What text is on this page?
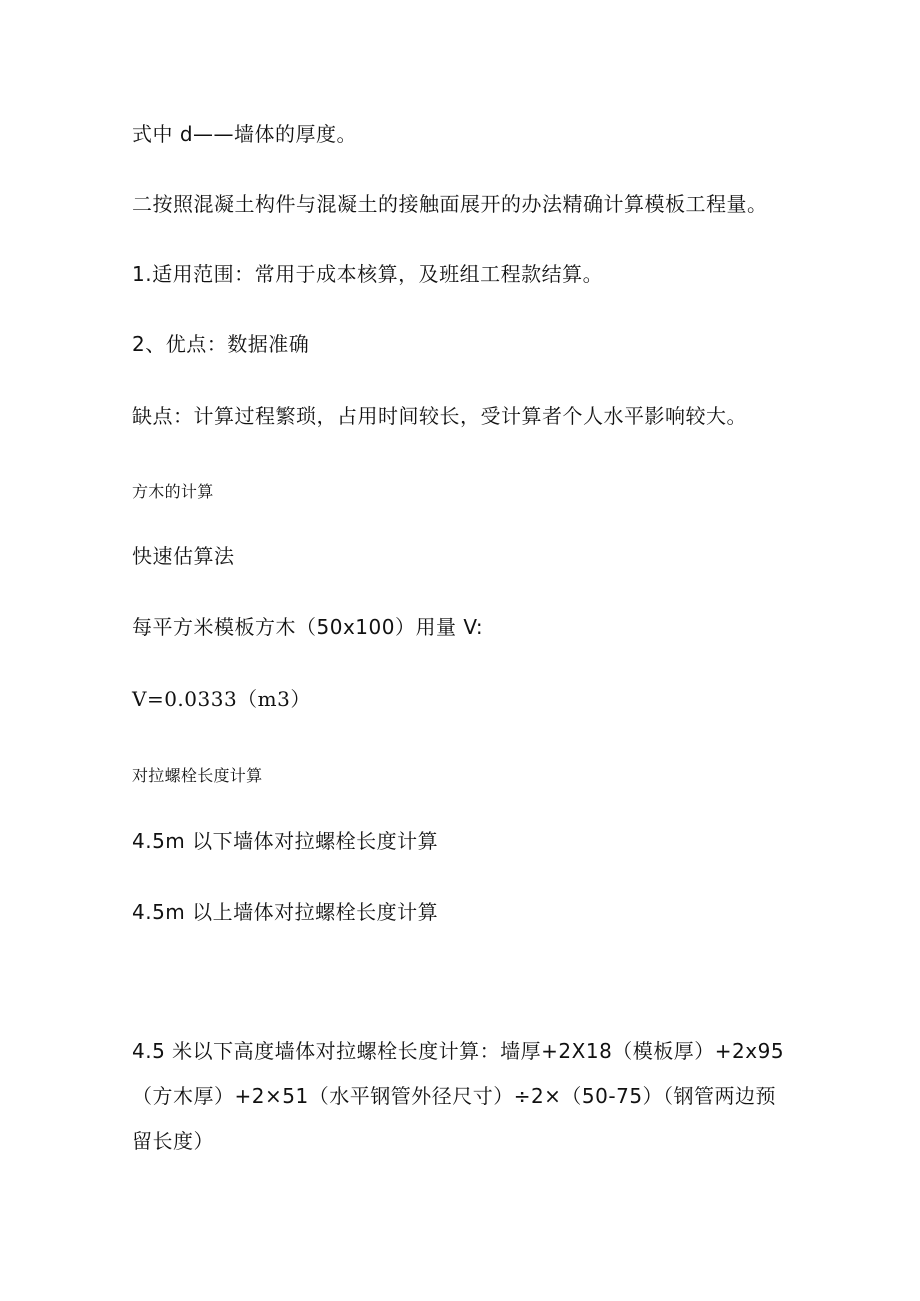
式中 d——墙体的厚度。
二按照混凝土构件与混凝土的接触面展开的办法精确计算模板工程量。
1.适用范围：常用于成本核算，及班组工程款结算。
2、优点：数据准确
缺点：计算过程繁琐，占用时间较长，受计算者个人水平影响较大。
方木的计算
快速估算法
每平方米模板方木（50x100）用量 V:
V=0.0333（m3）
对拉螺栓长度计算
4.5m 以下墙体对拉螺栓长度计算
4.5m 以上墙体对拉螺栓长度计算
4.5 米以下高度墙体对拉螺栓长度计算：墙厚+2X18（模板厚）+2x95（方木厚）+2×51（水平钢管外径尺寸）÷2×（50-75）（钢管两边预留长度）
